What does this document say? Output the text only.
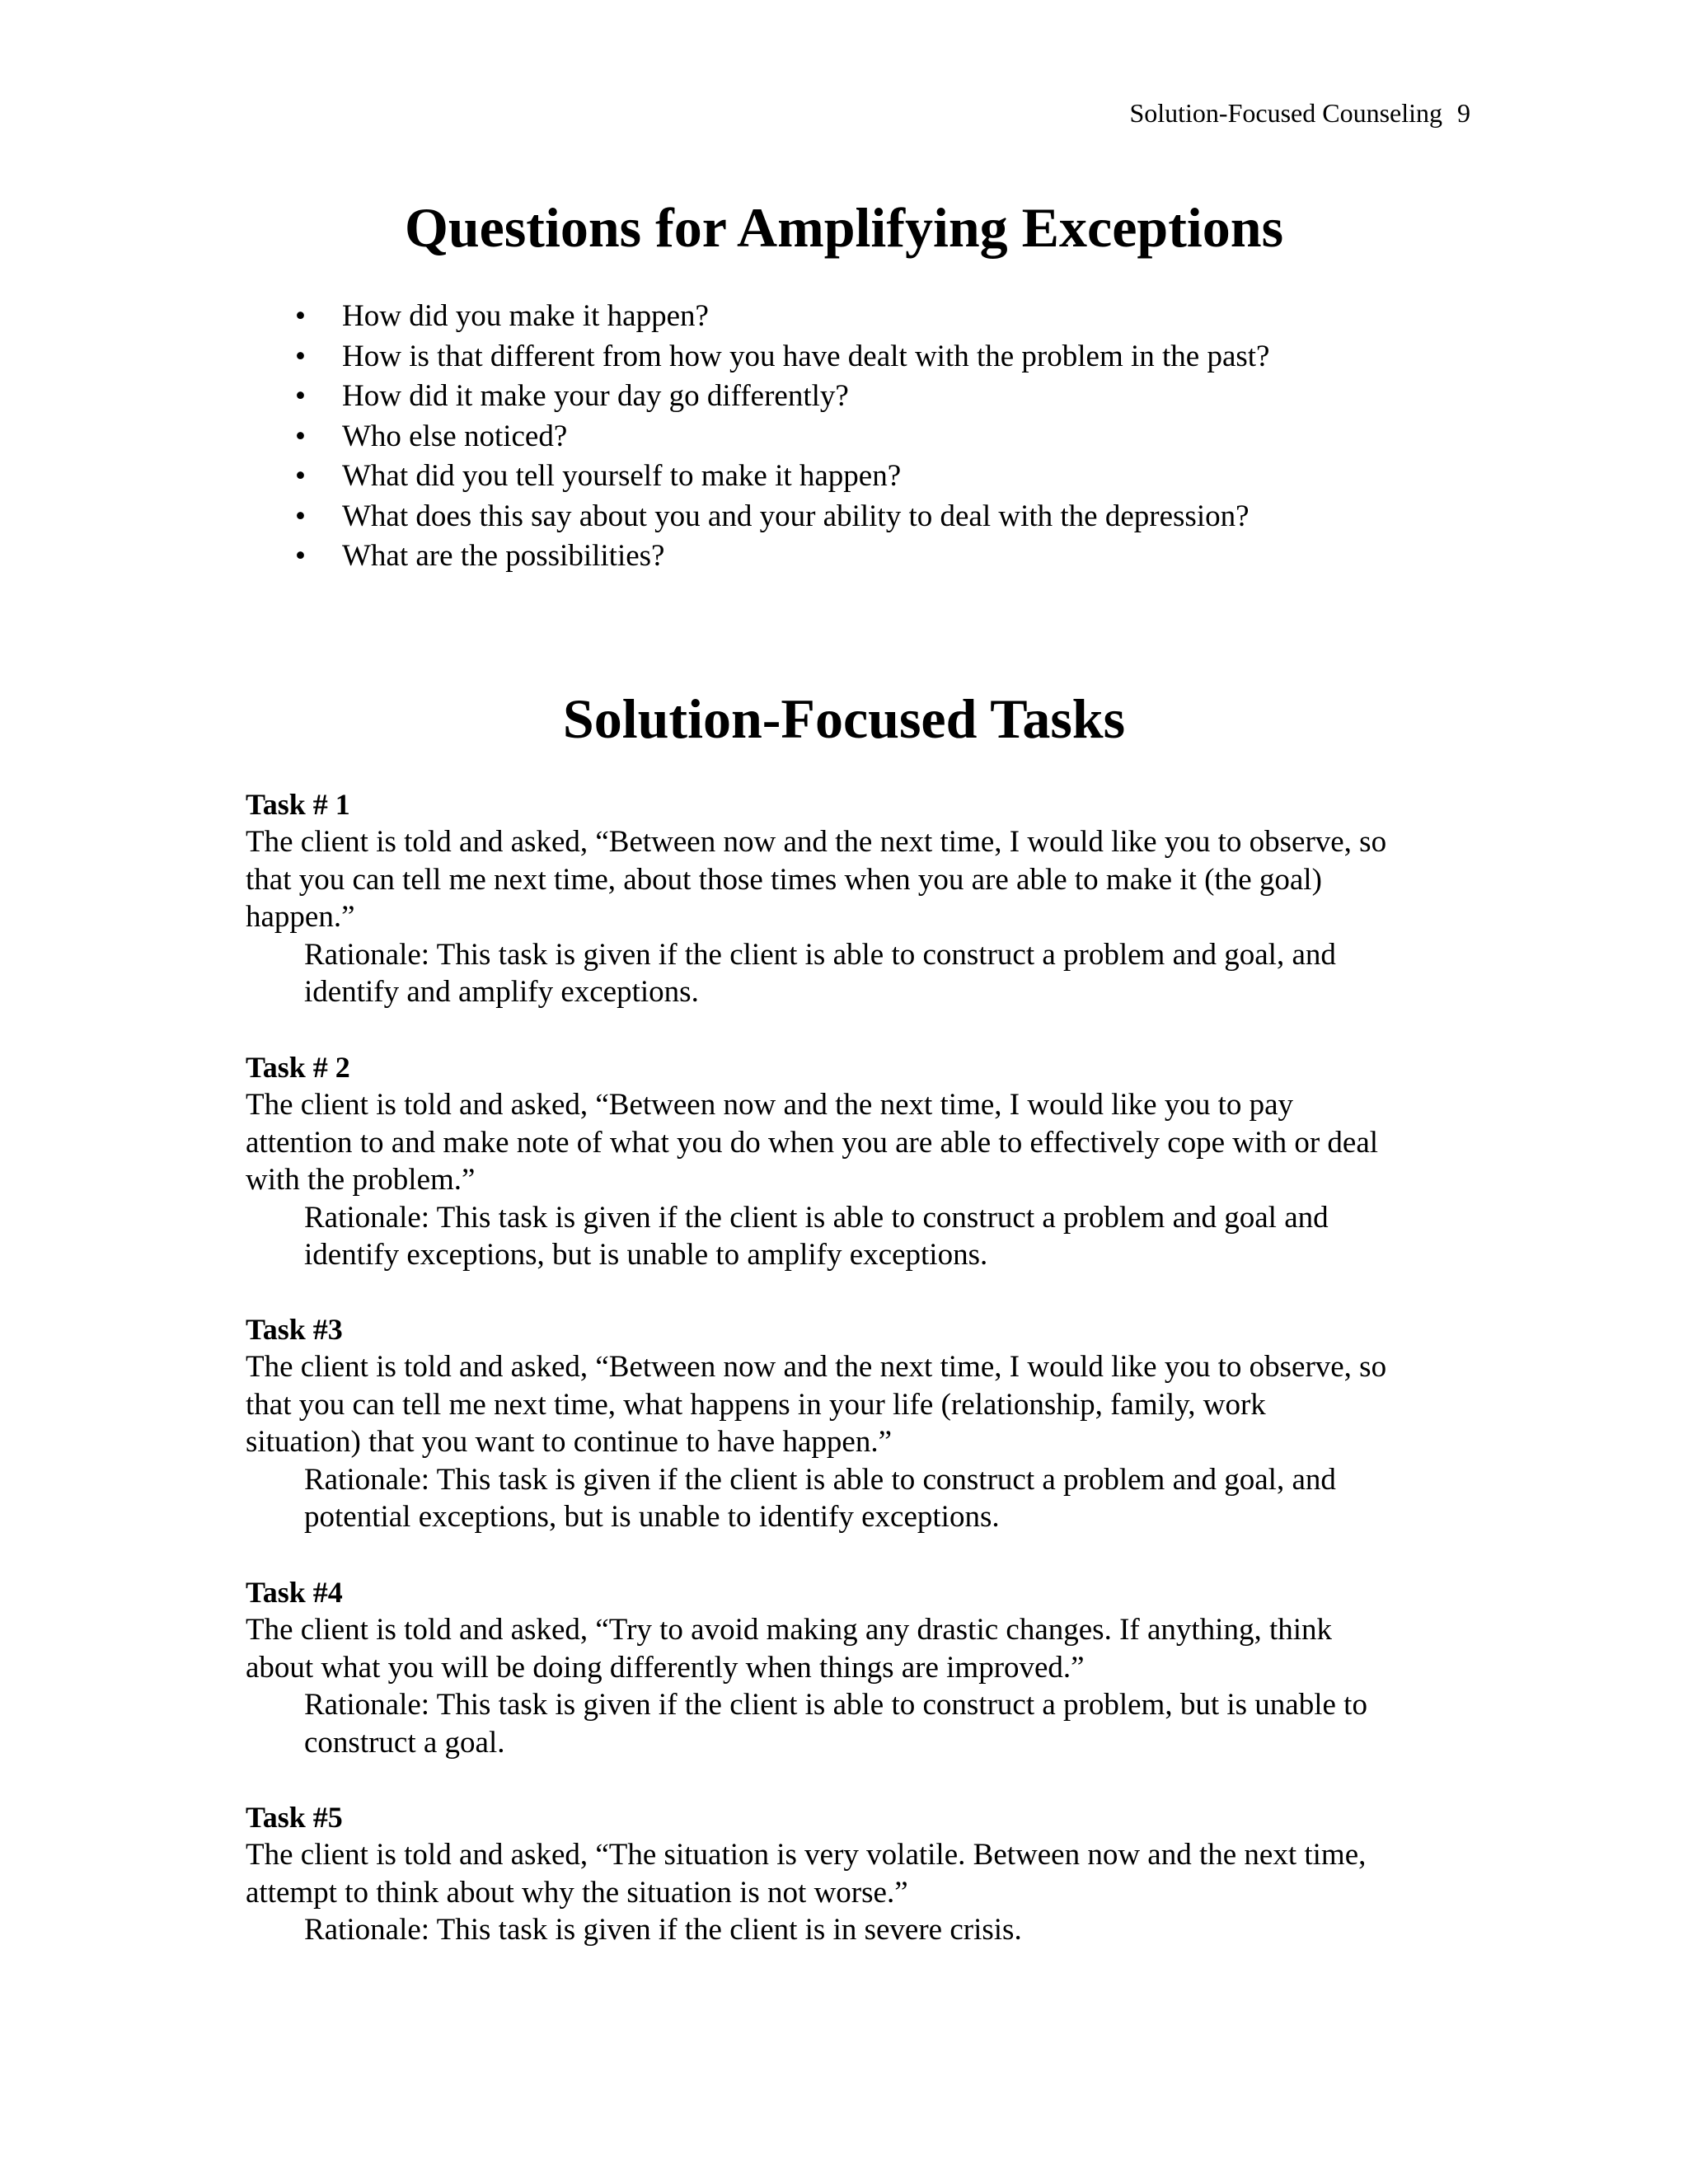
Solution-Focused Counseling 9
Questions for Amplifying Exceptions
• How did you make it happen?
• How is that different from how you have dealt with the problem in the past?
• How did it make your day go differently?
• Who else noticed?
• What did you tell yourself to make it happen?
• What does this say about you and your ability to deal with the depression?
• What are the possibilities?
Solution-Focused Tasks

Task # 1

The client is told and asked, “Between now and the next time, I would like you to observe, so
that you can tell me next time, about those times when you are able to make it (the goal)
happen.”

Rationale: This task is given if the client is able to construct a problem and goal, and
identify and amplify exceptions.

Task # 2

The client is told and asked, “Between now and the next time, I would like you to pay
attention to and make note of what you do when you are able to effectively cope with or deal
with the problem.”

Rationale: This task is given if the client is able to construct a problem and goal and
identify exceptions, but is unable to amplify exceptions.

Task #3

The client is told and asked, “Between now and the next time, I would like you to observe, so
that you can tell me next time, what happens in your life (relationship, family, work
situation) that you want to continue to have happen.”

Rationale: This task is given if the client is able to construct a problem and goal, and
potential exceptions, but is unable to identify exceptions.

Task #4

The client is told and asked, “Try to avoid making any drastic changes. If anything, think
about what you will be doing differently when things are improved.”

Rationale: This task is given if the client is able to construct a problem, but is unable to
construct a goal.

Task #5

The client is told and asked, “The situation is very volatile. Between now and the next time,
attempt to think about why the situation is not worse.”

Rationale: This task is given if the client is in severe crisis.
